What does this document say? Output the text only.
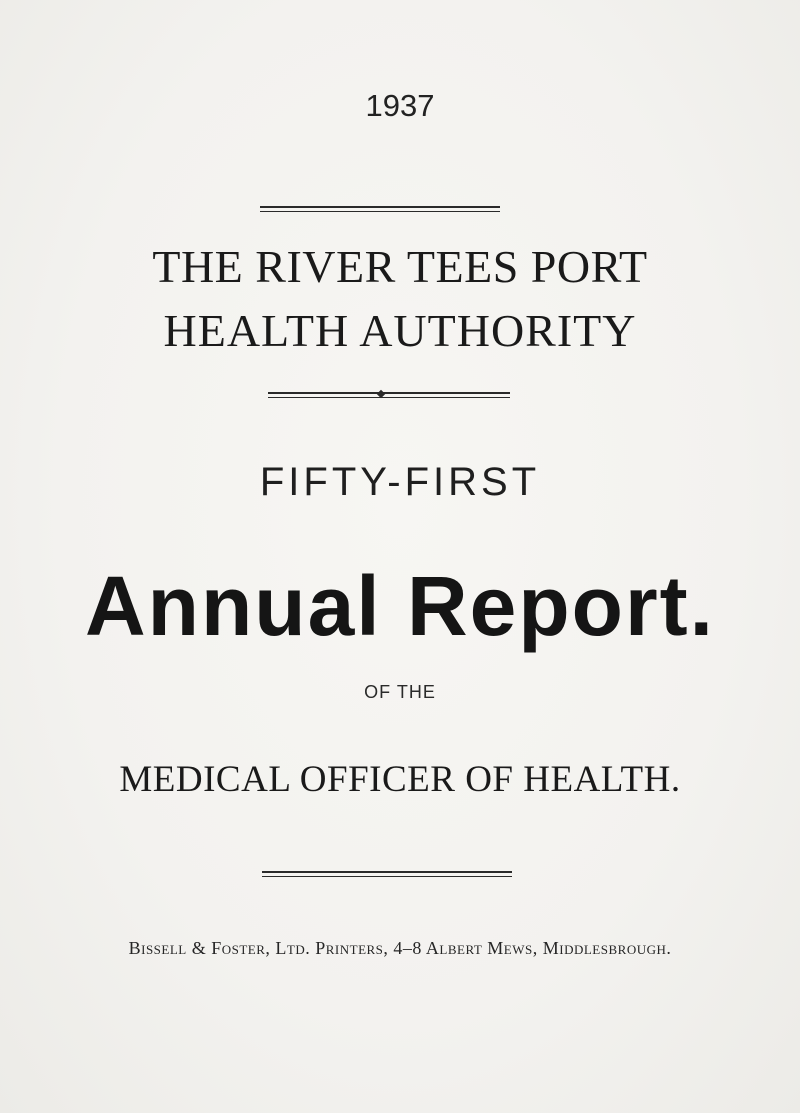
1937
THE RIVER TEES PORT
HEALTH AUTHORITY
FIFTY-FIRST
Annual Report.
OF THE
MEDICAL OFFICER OF HEALTH.
Bissell & Foster, Ltd. Printers, 4–8 Albert Mews, Middlesbrough.
